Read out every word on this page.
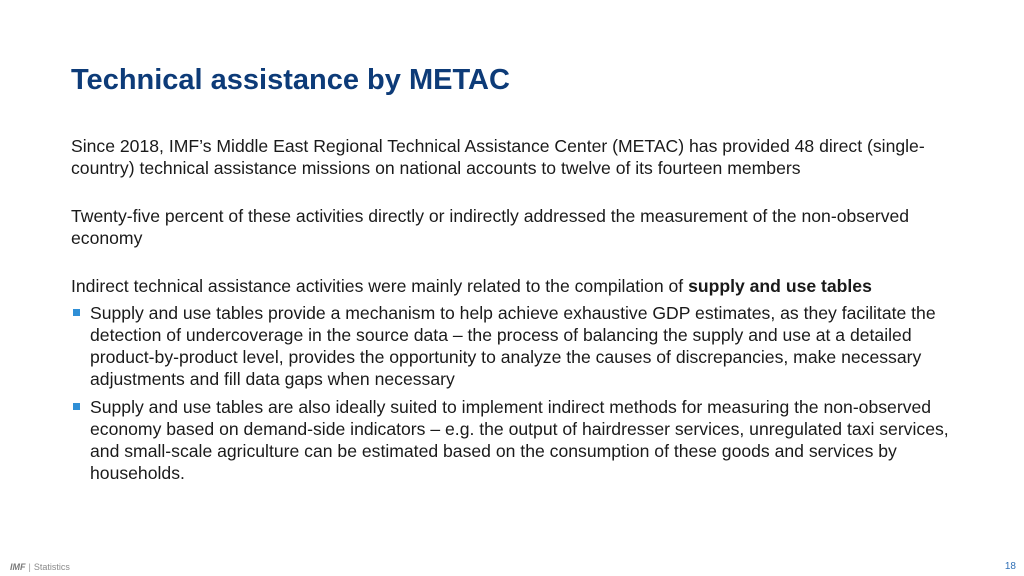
Technical assistance by METAC

Since 2018, IMF’s Middle East Regional Technical Assistance Center (METAC) has provided 48 direct (single-country) technical assistance missions on national accounts to twelve of its fourteen members

Twenty-five percent of these activities directly or indirectly addressed the measurement of the non-observed economy

Indirect technical assistance activities were mainly related to the compilation of supply and use tables

Supply and use tables provide a mechanism to help achieve exhaustive GDP estimates, as they facilitate the detection of undercoverage in the source data – the process of balancing the supply and use at a detailed product-by-product level, provides the opportunity to analyze the causes of discrepancies, make necessary adjustments and fill data gaps when necessary
Supply and use tables are also ideally suited to implement indirect methods for measuring the non-observed economy based on demand-side indicators – e.g. the output of hairdresser services, unregulated taxi services, and small-scale agriculture can be estimated based on the consumption of these goods and services by households.
IMF | Statistics	18
